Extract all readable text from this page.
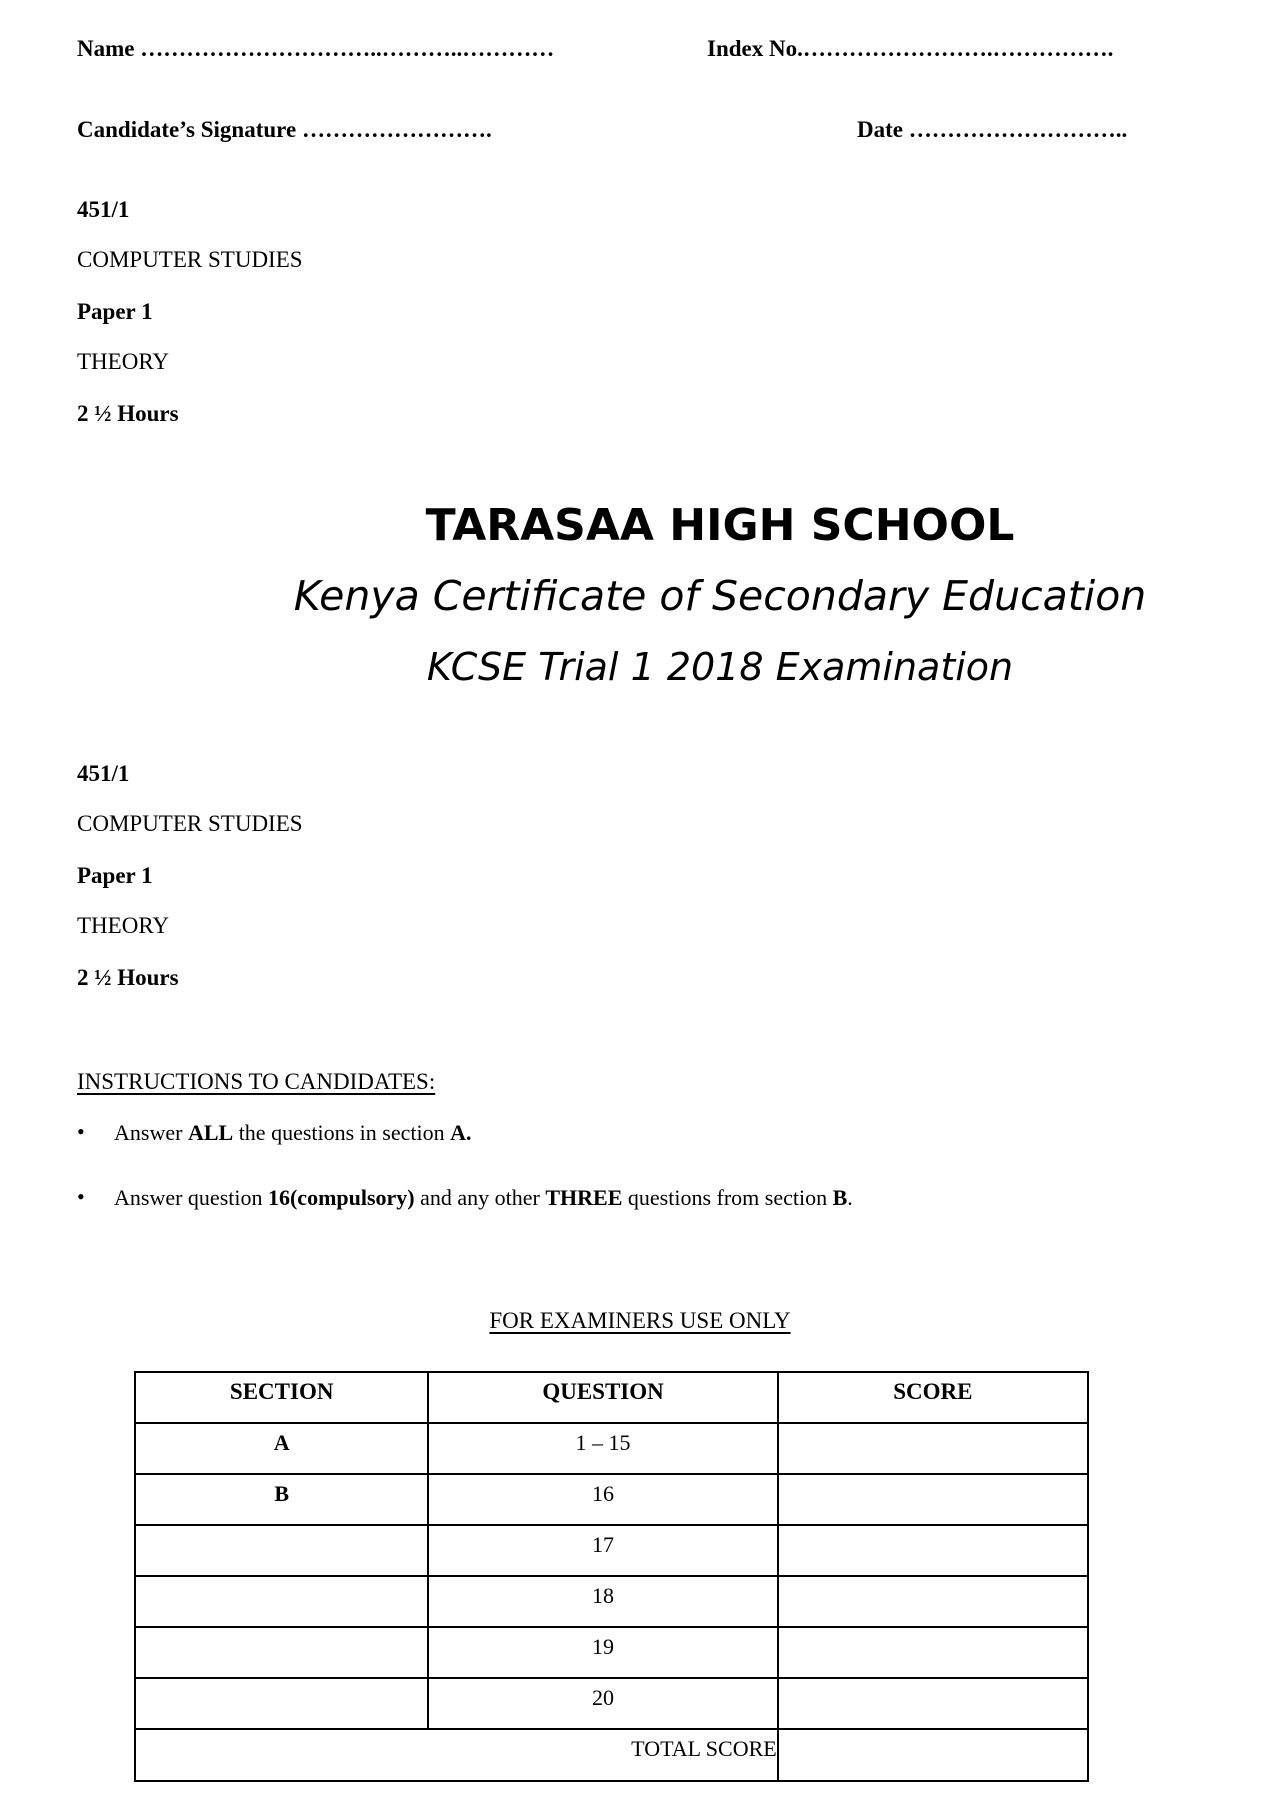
Name …………………………..………..…………	Index No.…………………….…………….
Candidate’s Signature …………………….	Date ………………………..
451/1
COMPUTER STUDIES
Paper 1
THEORY
2 ½ Hours
TARASAA HIGH SCHOOL
Kenya Certificate of Secondary Education
KCSE Trial 1 2018 Examination
451/1
COMPUTER STUDIES
Paper 1
THEORY
2 ½ Hours
INSTRUCTIONS TO CANDIDATES:
• Answer ALL the questions in section A.
• Answer question 16(compulsory) and any other THREE questions from section B.
FOR EXAMINERS USE ONLY
SECTION	QUESTION	SCORE
A	1 – 15	
B	16	
	17	
	18	
	19	
	20	
TOTAL SCORE		
